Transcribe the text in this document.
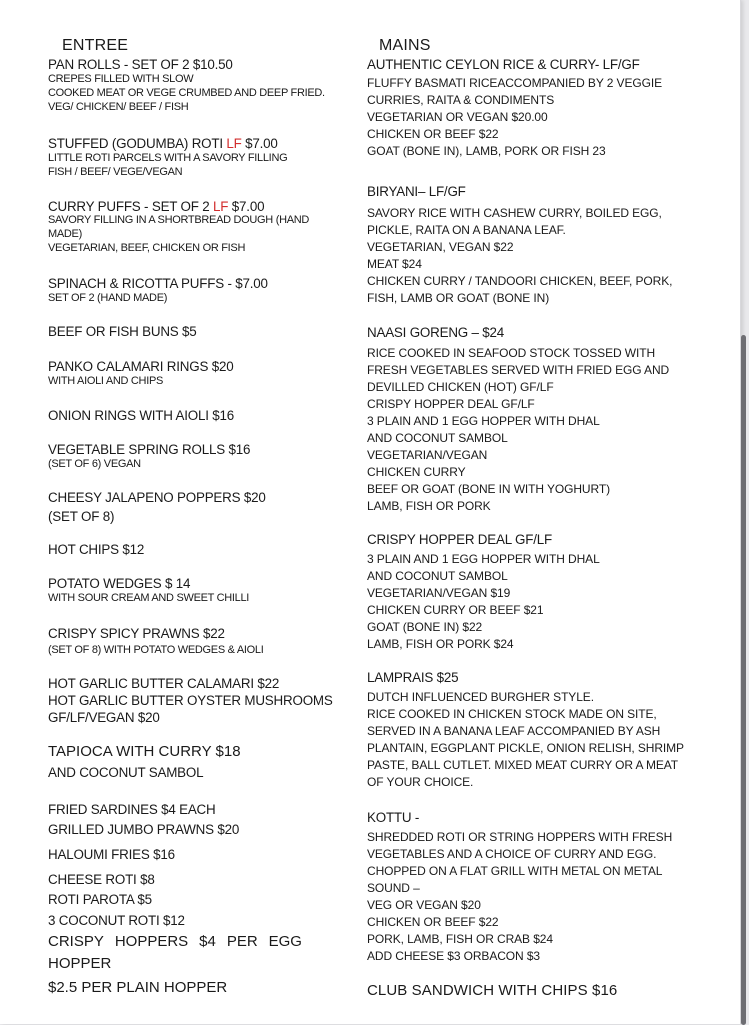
ENTREE
PAN ROLLS - SET OF 2 $10.50
CREPES FILLED WITH SLOW
COOKED MEAT OR VEGE CRUMBED AND DEEP FRIED.
VEG/ CHICKEN/ BEEF / FISH
STUFFED (GODUMBA) ROTI LF $7.00
LITTLE ROTI PARCELS WITH A SAVORY FILLING
FISH / BEEF/ VEGE/VEGAN
CURRY PUFFS - SET OF 2 LF $7.00
SAVORY FILLING IN A SHORTBREAD DOUGH (HAND
MADE)
VEGETARIAN, BEEF, CHICKEN OR FISH
SPINACH & RICOTTA PUFFS - $7.00
SET OF 2 (HAND MADE)
BEEF OR FISH BUNS $5
PANKO CALAMARI RINGS $20
WITH AIOLI AND CHIPS
ONION RINGS WITH AIOLI $16
VEGETABLE SPRING ROLLS $16
(SET OF 6) VEGAN
CHEESY JALAPENO POPPERS $20
(SET OF 8)
HOT CHIPS $12
POTATO WEDGES $ 14
WITH SOUR CREAM AND SWEET CHILLI
CRISPY SPICY PRAWNS $22
(SET OF 8) WITH POTATO WEDGES & AIOLI
HOT GARLIC BUTTER CALAMARI $22
HOT GARLIC BUTTER OYSTER MUSHROOMS
GF/LF/VEGAN $20
TAPIOCA WITH CURRY $18
AND COCONUT SAMBOL
FRIED SARDINES $4 EACH
GRILLED JUMBO PRAWNS $20
HALOUMI FRIES $16
CHEESE ROTI $8
ROTI PAROTA $5
3 COCONUT ROTI $12
CRISPY HOPPERS $4 PER EGG
HOPPER
$2.5 PER PLAIN HOPPER
MAINS
AUTHENTIC CEYLON RICE & CURRY- LF/GF
FLUFFY BASMATI RICEACCOMPANIED BY 2 VEGGIE
CURRIES, RAITA & CONDIMENTS
VEGETARIAN OR VEGAN $20.00
CHICKEN OR BEEF $22
GOAT (BONE IN), LAMB, PORK OR FISH 23
BIRYANI– LF/GF
SAVORY RICE WITH CASHEW CURRY, BOILED EGG,
PICKLE, RAITA ON A BANANA LEAF.
VEGETARIAN, VEGAN $22
MEAT $24
CHICKEN CURRY / TANDOORI CHICKEN, BEEF, PORK,
FISH, LAMB OR GOAT (BONE IN)
NAASI GORENG – $24
RICE COOKED IN SEAFOOD STOCK TOSSED WITH
FRESH VEGETABLES SERVED WITH FRIED EGG AND
DEVILLED CHICKEN (HOT) GF/LF
CRISPY HOPPER DEAL GF/LF
3 PLAIN AND 1 EGG HOPPER WITH DHAL
AND COCONUT SAMBOL
VEGETARIAN/VEGAN
CHICKEN CURRY
BEEF OR GOAT (BONE IN WITH YOGHURT)
LAMB, FISH OR PORK
CRISPY HOPPER DEAL GF/LF
3 PLAIN AND 1 EGG HOPPER WITH DHAL
AND COCONUT SAMBOL
VEGETARIAN/VEGAN $19
CHICKEN CURRY OR BEEF $21
GOAT (BONE IN) $22
LAMB, FISH OR PORK $24
LAMPRAIS $25
DUTCH INFLUENCED BURGHER STYLE.
RICE COOKED IN CHICKEN STOCK MADE ON SITE,
SERVED IN A BANANA LEAF ACCOMPANIED BY ASH
PLANTAIN, EGGPLANT PICKLE, ONION RELISH, SHRIMP
PASTE, BALL CUTLET. MIXED MEAT CURRY OR A MEAT
OF YOUR CHOICE.
KOTTU -
SHREDDED ROTI OR STRING HOPPERS WITH FRESH
VEGETABLES AND A CHOICE OF CURRY AND EGG.
CHOPPED ON A FLAT GRILL WITH METAL ON METAL
SOUND –
VEG OR VEGAN $20
CHICKEN OR BEEF $22
PORK, LAMB, FISH OR CRAB $24
ADD CHEESE $3 ORBACON $3
CLUB SANDWICH WITH CHIPS $16
